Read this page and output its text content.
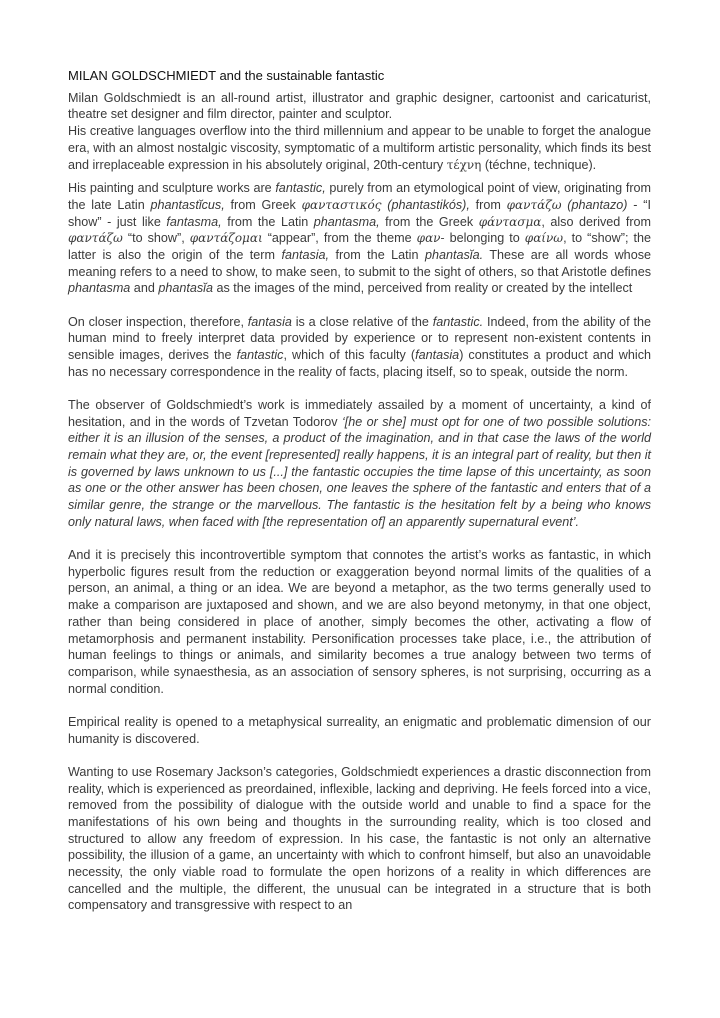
MILAN GOLDSCHMIEDT and the sustainable fantastic

Milan Goldschmiedt is an all-round artist, illustrator and graphic designer, cartoonist and caricaturist, theatre set designer and film director, painter and sculptor.

His creative languages overflow into the third millennium and appear to be unable to forget the analogue era, with an almost nostalgic viscosity, symptomatic of a multiform artistic personality, which finds its best and irreplaceable expression in his absolutely original, 20th-century τέχνη (téchne, technique).

His painting and sculpture works are fantastic, purely from an etymological point of view, originating from the late Latin phantastĭcus, from Greek φανταστικός (phantastikós), from φαντάζω (phantazo) - “I show” - just like fantasma, from the Latin phantasma, from the Greek φάντασμα, also derived from φαντάζω “to show”, φαντάζομαι “appear”, from the theme φαν- belonging to φαίνω, to “show”; the latter is also the origin of the term fantasia, from the Latin phantasĭa. These are all words whose meaning refers to a need to show, to make seen, to submit to the sight of others, so that Aristotle defines phantasma and phantasĭa as the images of the mind, perceived from reality or created by the intellect

On closer inspection, therefore, fantasia is a close relative of the fantastic. Indeed, from the ability of the human mind to freely interpret data provided by experience or to represent non-existent contents in sensible images, derives the fantastic, which of this faculty (fantasia) constitutes a product and which has no necessary correspondence in the reality of facts, placing itself, so to speak, outside the norm.

The observer of Goldschmiedt’s work is immediately assailed by a moment of uncertainty, a kind of hesitation, and in the words of Tzvetan Todorov ‘[he or she] must opt for one of two possible solutions: either it is an illusion of the senses, a product of the imagination, and in that case the laws of the world remain what they are, or, the event [represented] really happens, it is an integral part of reality, but then it is governed by laws unknown to us [...] the fantastic occupies the time lapse of this uncertainty, as soon as one or the other answer has been chosen, one leaves the sphere of the fantastic and enters that of a similar genre, the strange or the marvellous. The fantastic is the hesitation felt by a being who knows only natural laws, when faced with [the representation of] an apparently supernatural event’.

And it is precisely this incontrovertible symptom that connotes the artist’s works as fantastic, in which hyperbolic figures result from the reduction or exaggeration beyond normal limits of the qualities of a person, an animal, a thing or an idea. We are beyond a metaphor, as the two terms generally used to make a comparison are juxtaposed and shown, and we are also beyond metonymy, in that one object, rather than being considered in place of another, simply becomes the other, activating a flow of metamorphosis and permanent instability. Personification processes take place, i.e., the attribution of human feelings to things or animals, and similarity becomes a true analogy between two terms of comparison, while synaesthesia, as an association of sensory spheres, is not surprising, occurring as a normal condition.

Empirical reality is opened to a metaphysical surreality, an enigmatic and problematic dimension of our humanity is discovered.

Wanting to use Rosemary Jackson’s categories, Goldschmiedt experiences a drastic disconnection from reality, which is experienced as preordained, inflexible, lacking and depriving. He feels forced into a vice, removed from the possibility of dialogue with the outside world and unable to find a space for the manifestations of his own being and thoughts in the surrounding reality, which is too closed and structured to allow any freedom of expression. In his case, the fantastic is not only an alternative possibility, the illusion of a game, an uncertainty with which to confront himself, but also an unavoidable necessity, the only viable road to formulate the open horizons of a reality in which differences are cancelled and the multiple, the different, the unusual can be integrated in a structure that is both compensatory and transgressive with respect to an
